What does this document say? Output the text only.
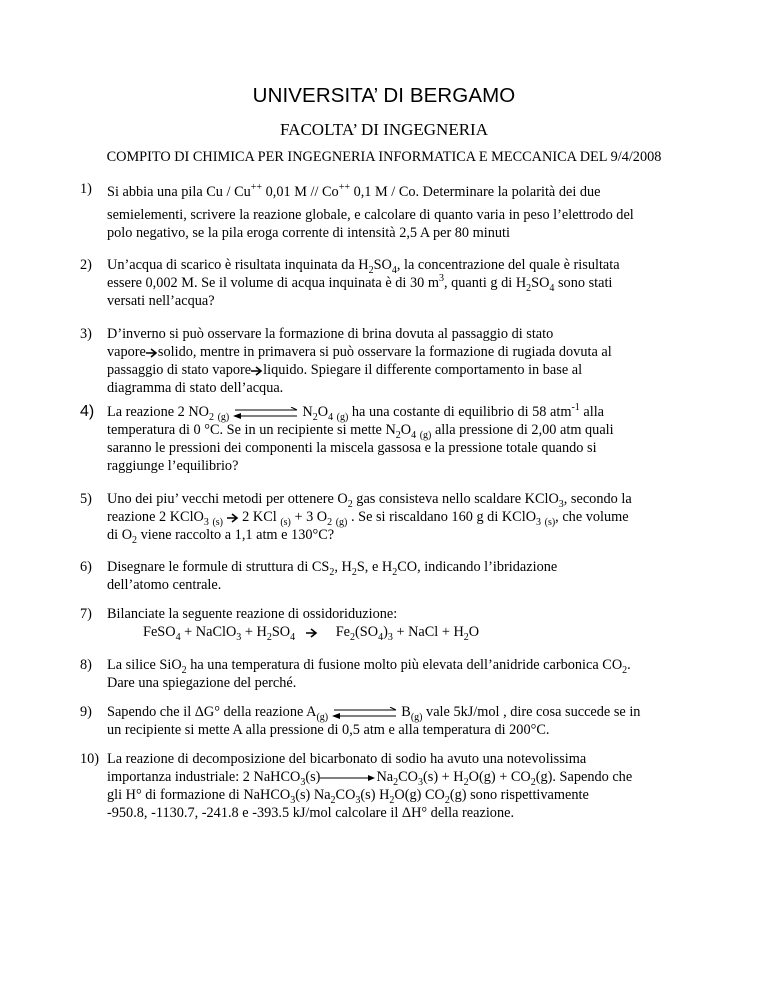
UNIVERSITA’ DI BERGAMO
FACOLTA’ DI INGEGNERIA
COMPITO DI CHIMICA PER INGEGNERIA INFORMATICA E MECCANICA DEL 9/4/2008
1) Si abbia una pila Cu / Cu++ 0,01 M // Co++ 0,1 M / Co. Determinare la polarità dei due
semielementi, scrivere la reazione globale, e calcolare di quanto varia in peso l’elettrodo del
polo negativo, se la pila eroga corrente di intensità 2,5 A per 80 minuti
2) Un’acqua di scarico è risultata inquinata da $H_2SO_4$, la concentrazione del quale è risultata
essere 0,002 M. Se il volume di acqua inquinata è di 30 $m^3$, quanti g di $H_2SO_4$ sono stati
versati nell’acqua?
3) D’inverno si può osservare la formazione di brina dovuta al passaggio di stato
vapore solido, mentre in primavera si può osservare la formazione di rugiada dovuta al
passaggio di stato vapore liquido. Spiegare il differente comportamento in base al
diagramma di stato dell’acqua.
4) La reazione 2 $NO_2$ $_{(g)}$	$N_2O_4$ $_{(g)}$ ha una costante di equilibrio di 58 atm$^{-1}$ alla
temperatura di 0 °C. Se in un recipiente si mette $N_2O_4$ $_{(g)}$ alla pressione di 2,00 atm quali
saranno le pressioni dei componenti la miscela gassosa e la pressione totale quando si
raggiunge l’equilibrio?
5) Uno dei piu’ vecchi metodi per ottenere $O_2$ gas consisteva nello scaldare KClO$_3$, secondo la
reazione 2 KClO$_3$ $_{(s)}$ 2 KCl $_{(s)}$ + 3 $O_2$ $_{(g)}$ . Se si riscaldano 160 g di KClO$_3$ $_{(s)}$, che volume
di $O_2$ viene raccolto a 1,1 atm e 130°C?
6) Disegnare le formule di struttura di $CS_2$, $H_2S$, e $H_2CO$, indicando l’ibridazione
dell’atomo centrale.
7) Bilanciate la seguente reazione di ossidoriduzione:
FeSO$_4$ + NaClO$_3$ + $H_2SO_4$	$Fe_2(SO_4)_3$ + NaCl + $H_2O$
8) La silice SiO$_2$ ha una temperatura di fusione molto più elevata dell’anidride carbonica $CO_2$.
Dare una spiegazione del perché.
9) Sapendo che il ΔG° della reazione $A_{(g)}$	$B_{(g)}$ vale 5kJ/mol , dire cosa succede se in
un recipiente si mette A alla pressione di 0,5 atm e alla temperatura di 200°C.
10) La reazione di decomposizione del bicarbonato di sodio ha avuto una notevolissima
importanza industriale: 2 NaHCO$_3$(s)	$Na_2CO_3(s) + H_2O(g) + CO_2(g)$. Sapendo che
gli H° di formazione di NaHCO$_3$(s) $Na_2CO_3(s)$ $H_2O(g)$ $CO_2(g)$ sono rispettivamente
-950.8, -1130.7, -241.8 e -393.5 kJ/mol calcolare il ΔH° della reazione.
